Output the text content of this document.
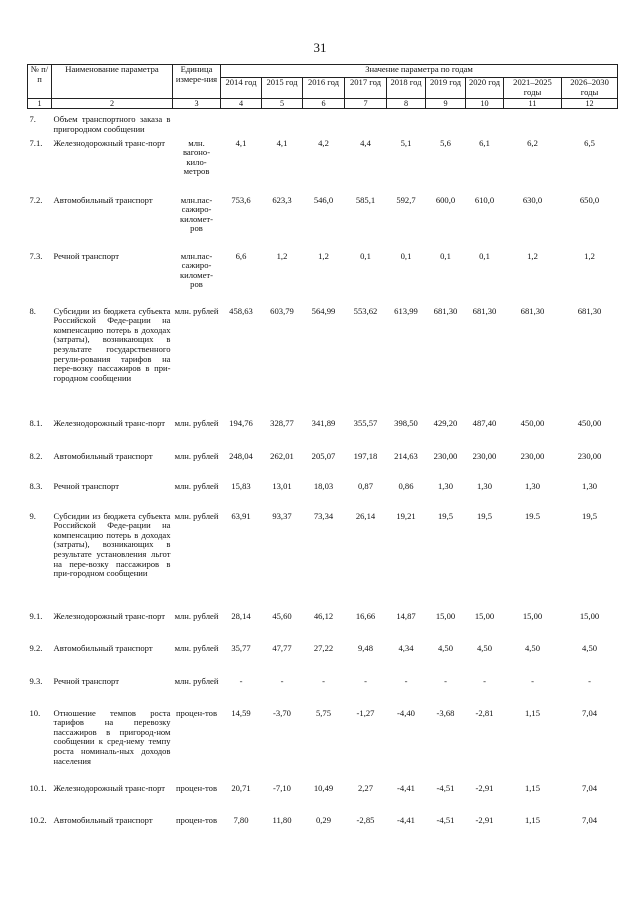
31
№ п/п	Наименование параметра	Единица измере-ния	Значение параметра по годам								
			2014 год	2015 год	2016 год	2017 год	2018 год	2019 год	2020 год	2021–2025 годы	2026–2030 годы
1	2	3	4	5	6	7	8	9	10	11	12
7.	Объем транспортного заказа в пригородном сообщении										
7.1.	Железнодорожный транс-порт	млн. вагоно-кило-метров	4,1	4,1	4,2	4,4	5,1	5,6	6,1	6,2	6,5
7.2.	Автомобильный транспорт	млн.пас-сажиро-километ-ров	753,6	623,3	546,0	585,1	592,7	600,0	610,0	630,0	650,0
7.3.	Речной транспорт	млн.пас-сажиро-километ-ров	6,6	1,2	1,2	0,1	0,1	0,1	0,1	1,2	1,2
8.	Субсидии из бюджета субъекта Российской Феде-рации на компенсацию потерь в доходах (затраты), возникающих в результате государственного регули-рования тарифов на пере-возку пассажиров в при-городном сообщении	млн. рублей	458,63	603,79	564,99	553,62	613,99	681,30	681,30	681,30	681,30
8.1.	Железнодорожный транс-порт	млн. рублей	194,76	328,77	341,89	355,57	398,50	429,20	487,40	450,00	450,00
8.2.	Автомобильный транспорт	млн. рублей	248,04	262,01	205,07	197,18	214,63	230,00	230,00	230,00	230,00
8.3.	Речной транспорт	млн. рублей	15,83	13,01	18,03	0,87	0,86	1,30	1,30	1,30	1,30
9.	Субсидии из бюджета субъекта Российской Феде-рации на компенсацию потерь в доходах (затраты), возникающих в результате установления льгот на пере-возку пассажиров в при-городном сообщении	млн. рублей	63,91	93,37	73,34	26,14	19,21	19,5	19,5	19.5	19,5
9.1.	Железнодорожный транс-порт	млн. рублей	28,14	45,60	46,12	16,66	14,87	15,00	15,00	15,00	15,00
9.2.	Автомобильный транспорт	млн. рублей	35,77	47,77	27,22	9,48	4,34	4,50	4,50	4,50	4,50
9.3.	Речной транспорт	млн. рублей	-	-	-	-	-	-	-	-	-
10.	Отношение темпов роста тарифов на перевозку пассажиров в пригород-ном сообщении к сред-нему темпу роста номиналь-ных доходов населения	процен-тов	14,59	-3,70	5,75	-1,27	-4,40	-3,68	-2,81	1,15	7,04
10.1.	Железнодорожный транс-порт	процен-тов	20,71	-7,10	10,49	2,27	-4,41	-4,51	-2,91	1,15	7,04
10.2.	Автомобильный транспорт	процен-тов	7,80	11,80	0,29	-2,85	-4,41	-4,51	-2,91	1,15	7,04
